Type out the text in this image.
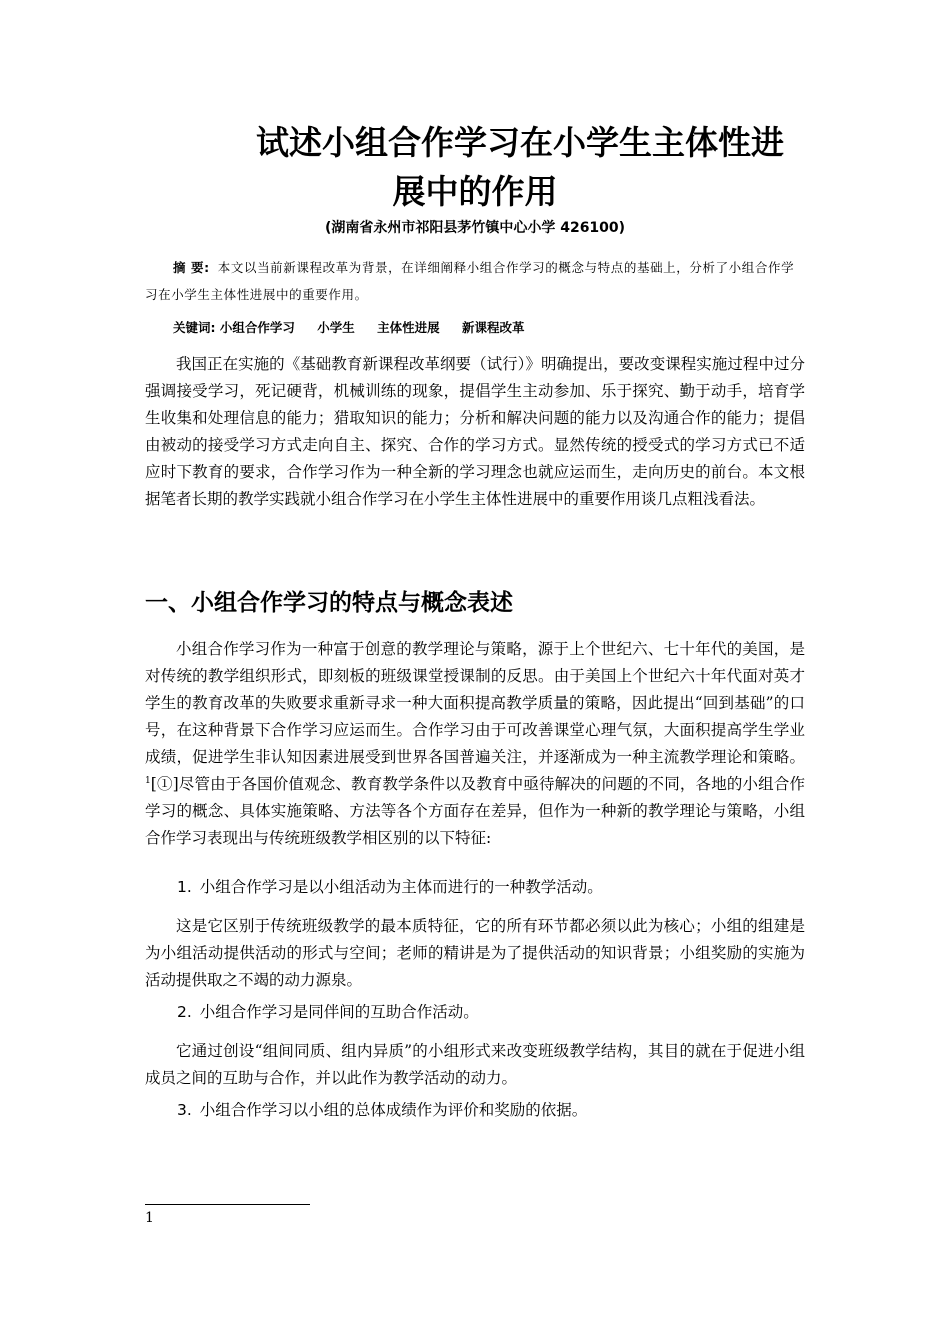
试述小组合作学习在小学生主体性进
展中的作用
(湖南省永州市祁阳县茅竹镇中心小学 426100)
摘 要: 本文以当前新课程改革为背景，在详细阐释小组合作学习的概念与特点的基础上，分析了小组合作学习在小学生主体性进展中的重要作用。
关键词: 小组合作学习 小学生 主体性进展 新课程改革

我国正在实施的《基础教育新课程改革纲要（试行）》明确提出，要改变课程实施过程中过分强调接受学习，死记硬背，机械训练的现象，提倡学生主动参加、乐于探究、勤于动手，培育学生收集和处理信息的能力；猎取知识的能力；分析和解决问题的能力以及沟通合作的能力；提倡由被动的接受学习方式走向自主、探究、合作的学习方式。显然传统的授受式的学习方式已不适应时下教育的要求，合作学习作为一种全新的学习理念也就应运而生，走向历史的前台。本文根据笔者长期的教学实践就小组合作学习在小学生主体性进展中的重要作用谈几点粗浅看法。

一、小组合作学习的特点与概念表述

小组合作学习作为一种富于创意的教学理论与策略，源于上个世纪六、七十年代的美国，是对传统的教学组织形式，即刻板的班级课堂授课制的反思。由于美国上个世纪六十年代面对英才学生的教育改革的失败要求重新寻求一种大面积提高教学质量的策略，因此提出“回到基础”的口号，在这种背景下合作学习应运而生。合作学习由于可改善课堂心理气氛，大面积提高学生学业成绩，促进学生非认知因素进展受到世界各国普遍关注，并逐渐成为一种主流教学理论和策略。$^1$[①]尽管由于各国价值观念、教育教学条件以及教育中亟待解决的问题的不同，各地的小组合作学习的概念、具体实施策略、方法等各个方面存在差异，但作为一种新的教学理论与策略，小组合作学习表现出与传统班级教学相区别的以下特征:

1. 小组合作学习是以小组活动为主体而进行的一种教学活动。

这是它区别于传统班级教学的最本质特征，它的所有环节都必须以此为核心；小组的组建是为小组活动提供活动的形式与空间；老师的精讲是为了提供活动的知识背景；小组奖励的实施为活动提供取之不竭的动力源泉。

2. 小组合作学习是同伴间的互助合作活动。

它通过创设“组间同质、组内异质”的小组形式来改变班级教学结构，其目的就在于促进小组成员之间的互助与合作，并以此作为教学活动的动力。

3. 小组合作学习以小组的总体成绩作为评价和奖励的依据。
1
